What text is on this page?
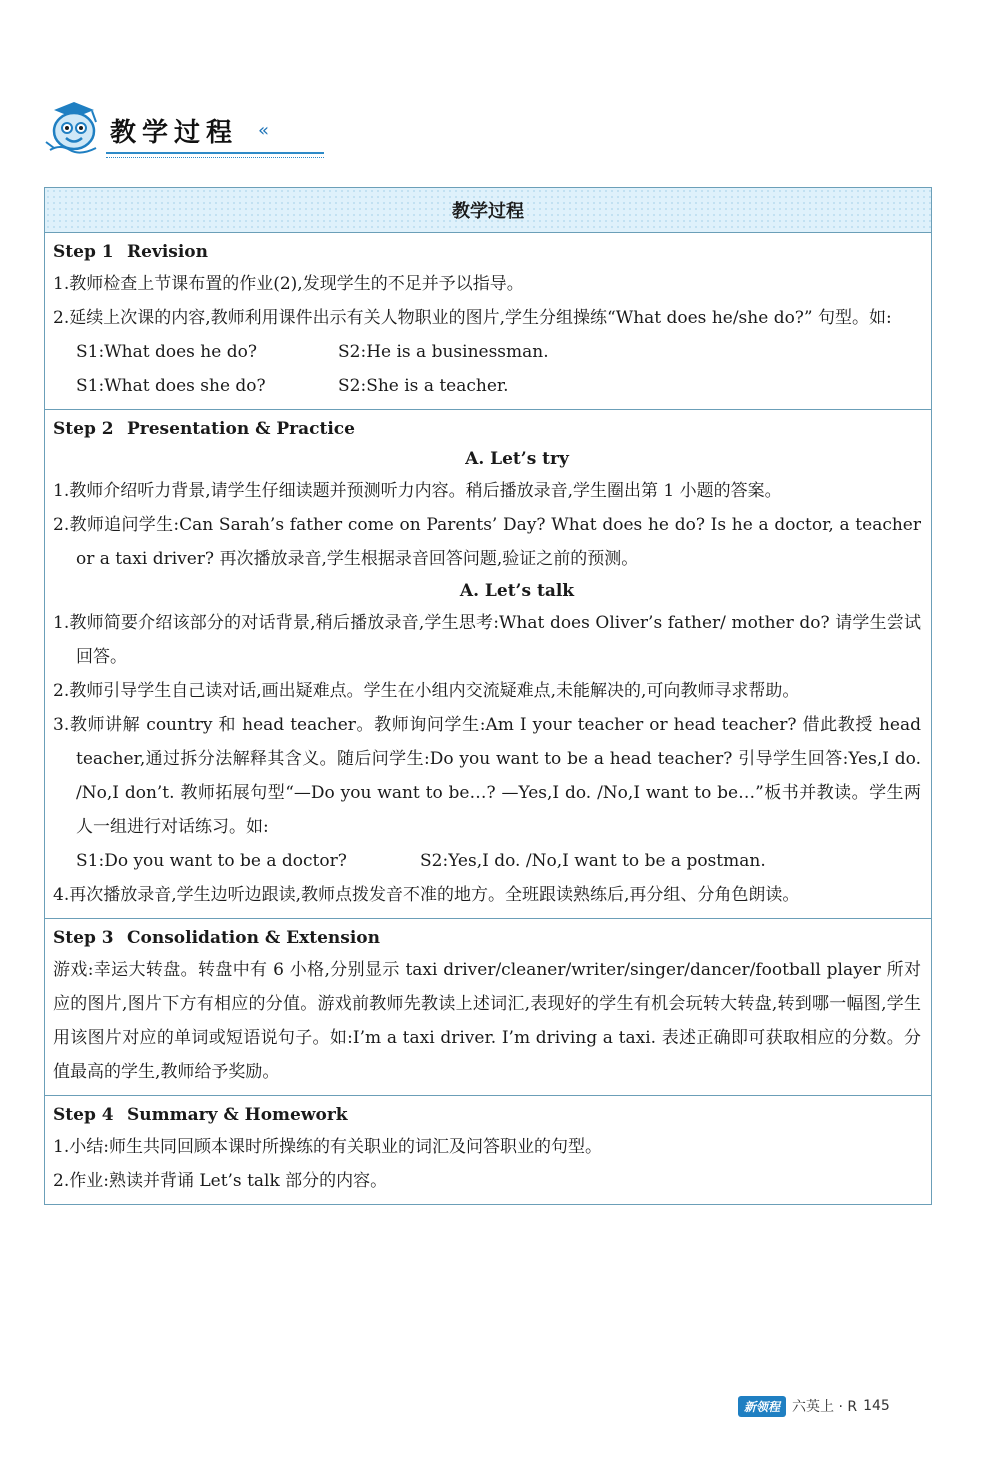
教学过程 «
教学过程
Step 1 Revision
1.教师检查上节课布置的作业(2),发现学生的不足并予以指导。
2.延续上次课的内容,教师利用课件出示有关人物职业的图片,学生分组操练“What does he/she do?” 句型。如:
S1:What does he do?	S2:He is a businessman.
S1:What does she do?	S2:She is a teacher.
Step 2 Presentation & Practice
A. Let’s try
1.教师介绍听力背景,请学生仔细读题并预测听力内容。稍后播放录音,学生圈出第 1 小题的答案。
2.教师追问学生:Can Sarah’s father come on Parents’ Day? What does he do? Is he a doctor, a teacher or a taxi driver? 再次播放录音,学生根据录音回答问题,验证之前的预测。
A. Let’s talk
1.教师简要介绍该部分的对话背景,稍后播放录音,学生思考:What does Oliver’s father/ mother do? 请学生尝试回答。
2.教师引导学生自己读对话,画出疑难点。学生在小组内交流疑难点,未能解决的,可向教师寻求帮助。
3.教师讲解 country 和 head teacher。教师询问学生:Am I your teacher or head teacher? 借此教授 head teacher,通过拆分法解释其含义。随后问学生:Do you want to be a head teacher? 引导学生回答:Yes,I do. /No,I don’t. 教师拓展句型“—Do you want to be…? —Yes,I do. /No,I want to be…”板书并教读。学生两人一组进行对话练习。如:
S1:Do you want to be a doctor?	S2:Yes,I do. /No,I want to be a postman.
4.再次播放录音,学生边听边跟读,教师点拨发音不准的地方。全班跟读熟练后,再分组、分角色朗读。
Step 3 Consolidation & Extension
游戏:幸运大转盘。转盘中有 6 小格,分别显示 taxi driver/cleaner/writer/singer/dancer/football player 所对应的图片,图片下方有相应的分值。游戏前教师先教读上述词汇,表现好的学生有机会玩转大转盘,转到哪一幅图,学生用该图片对应的单词或短语说句子。如:I’m a taxi driver. I’m driving a taxi. 表述正确即可获取相应的分数。分值最高的学生,教师给予奖励。
Step 4 Summary & Homework
1.小结:师生共同回顾本课时所操练的有关职业的词汇及问答职业的句型。
2.作业:熟读并背诵 Let’s talk 部分的内容。
新领程 六英上 · R 145
